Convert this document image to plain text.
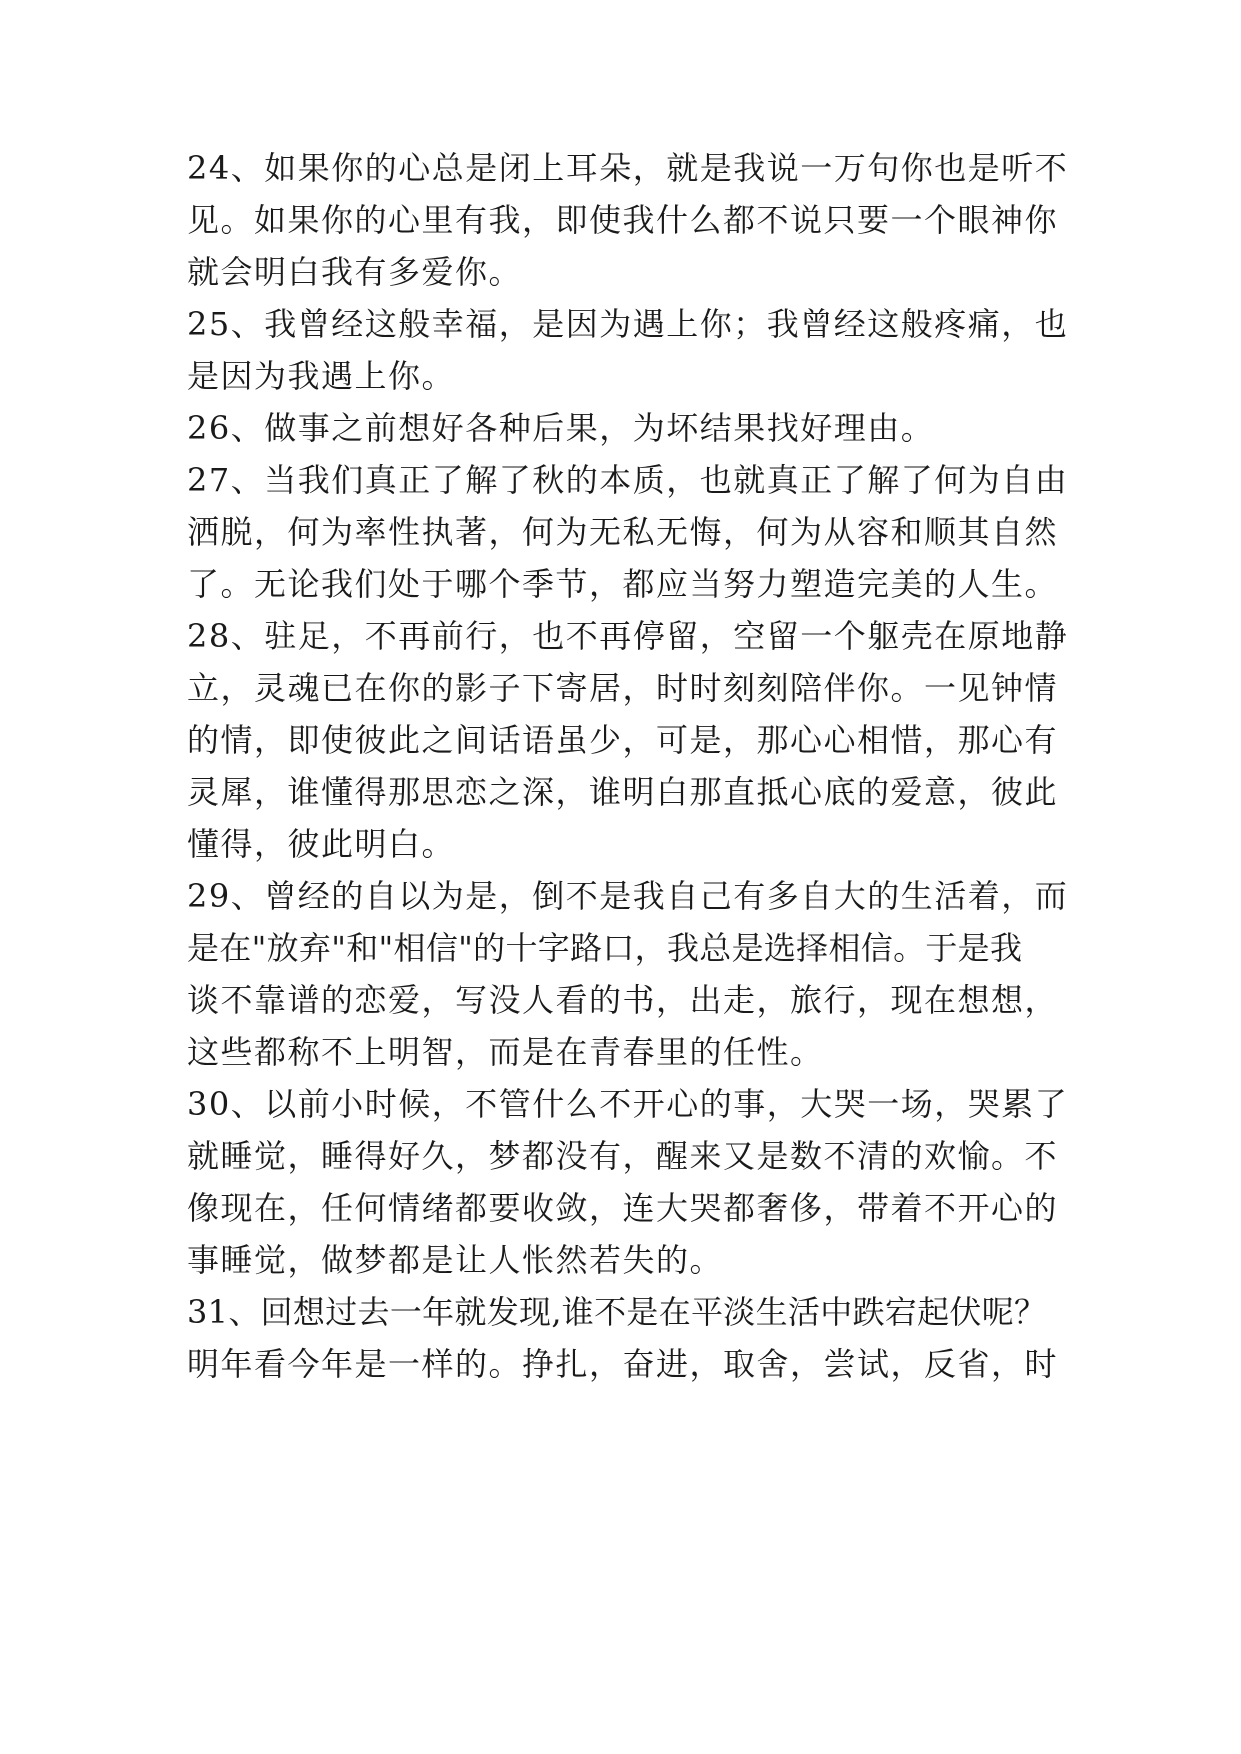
24、如果你的心总是闭上耳朵，就是我说一万句你也是听不
见。如果你的心里有我，即使我什么都不说只要一个眼神你
就会明白我有多爱你。
25、我曾经这般幸福，是因为遇上你；我曾经这般疼痛，也
是因为我遇上你。
26、做事之前想好各种后果，为坏结果找好理由。
27、当我们真正了解了秋的本质，也就真正了解了何为自由
洒脱，何为率性执著，何为无私无悔，何为从容和顺其自然
了。无论我们处于哪个季节，都应当努力塑造完美的人生。
28、驻足，不再前行，也不再停留，空留一个躯壳在原地静
立，灵魂已在你的影子下寄居，时时刻刻陪伴你。一见钟情
的情，即使彼此之间话语虽少，可是，那心心相惜，那心有
灵犀，谁懂得那思恋之深，谁明白那直抵心底的爱意，彼此
懂得，彼此明白。
29、曾经的自以为是，倒不是我自己有多自大的生活着，而
是在"放弃"和"相信"的十字路口，我总是选择相信。于是我
谈不靠谱的恋爱，写没人看的书，出走，旅行，现在想想，
这些都称不上明智，而是在青春里的任性。
30、以前小时候，不管什么不开心的事，大哭一场，哭累了
就睡觉，睡得好久，梦都没有，醒来又是数不清的欢愉。不
像现在，任何情绪都要收敛，连大哭都奢侈，带着不开心的
事睡觉，做梦都是让人怅然若失的。
31、回想过去一年就发现,谁不是在平淡生活中跌宕起伏呢？
明年看今年是一样的。挣扎，奋进，取舍，尝试，反省，时
